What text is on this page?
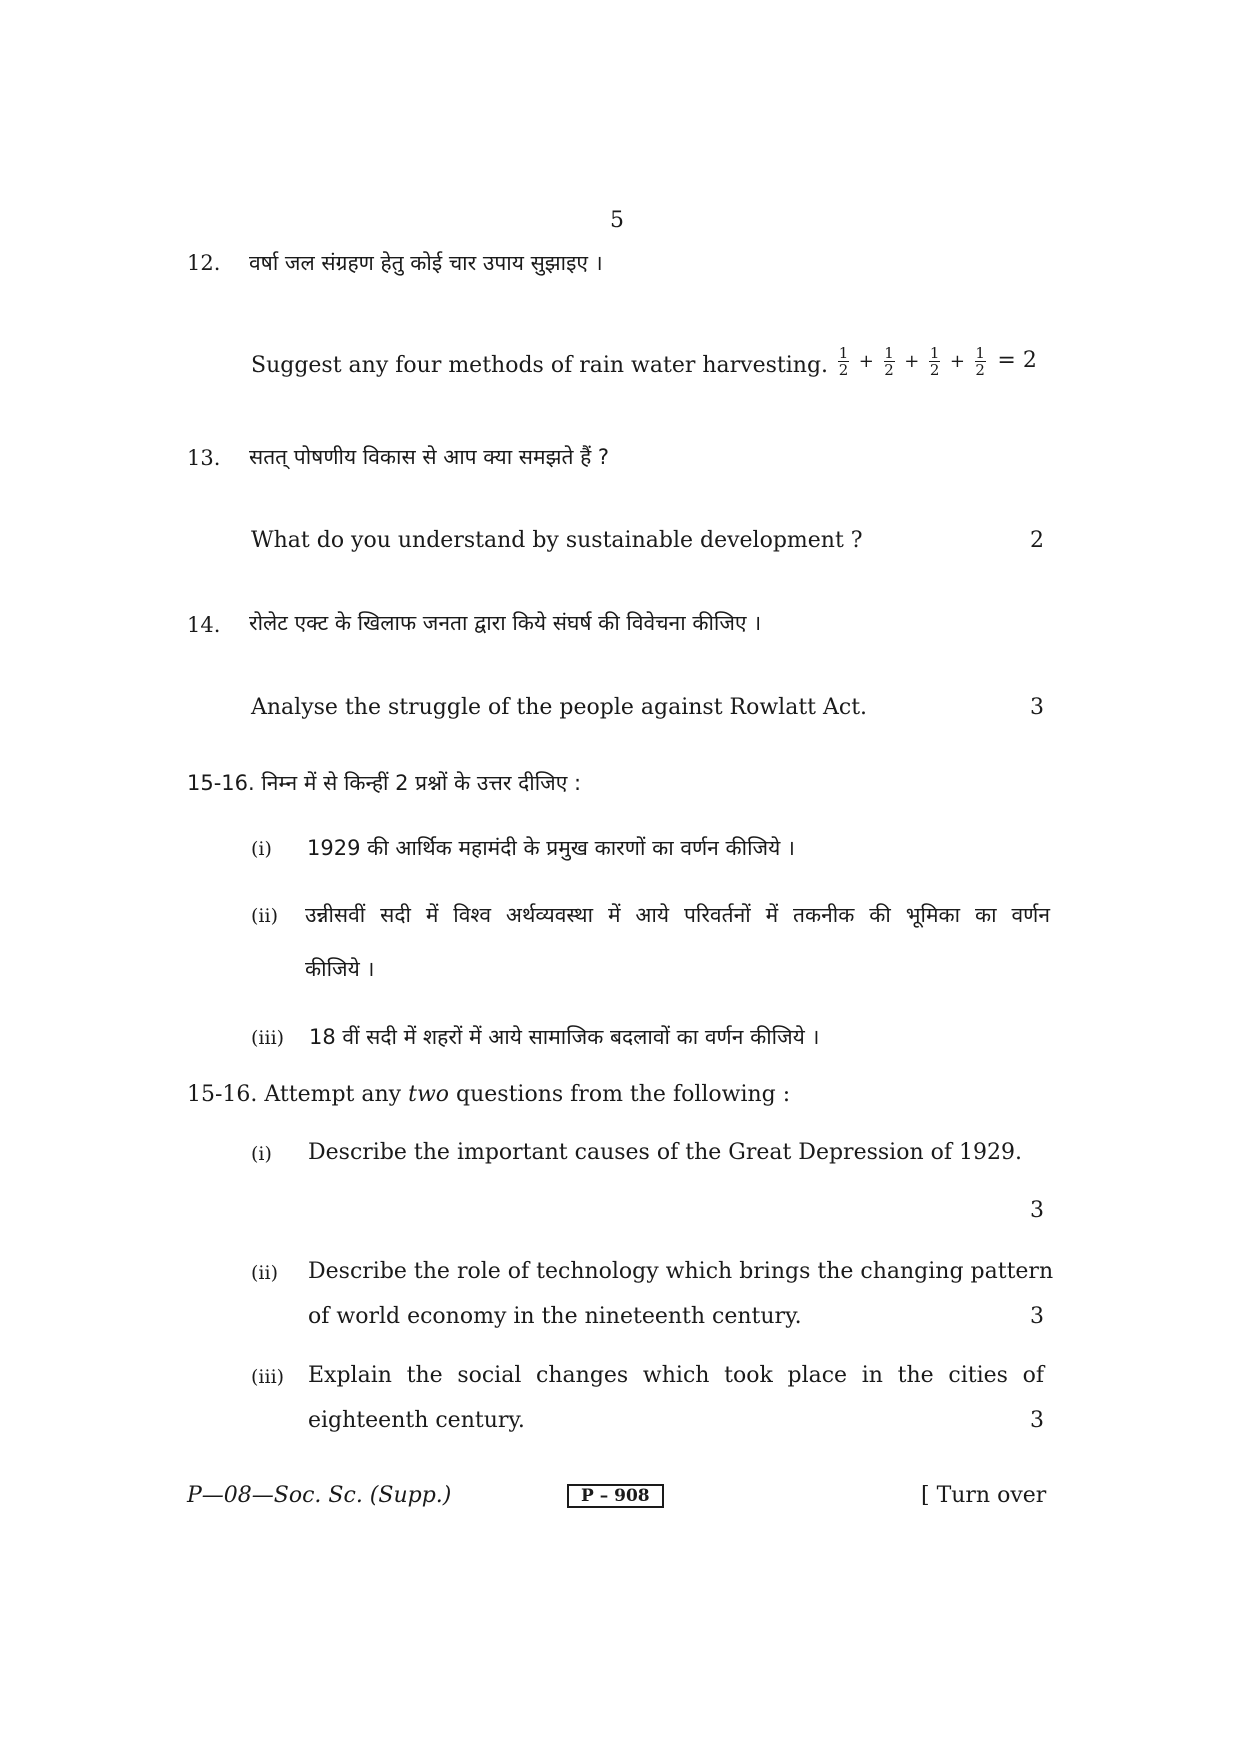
5
12. वर्षा जल संग्रहण हेतु कोई चार उपाय सुझाइए ।
Suggest any four methods of rain water harvesting. $\frac{1}{2} + \frac{1}{2} + \frac{1}{2} + \frac{1}{2} = 2$
13. सतत् पोषणीय विकास से आप क्या समझते हैं ?
What do you understand by sustainable development ?	2
14. रोलेट एक्ट के खिलाफ जनता द्वारा किये संघर्ष की विवेचना कीजिए ।
Analyse the struggle of the people against Rowlatt Act.	3
15-16. निम्न में से किन्हीं 2 प्रश्नों के उत्तर दीजिए :
(i) 1929 की आर्थिक महामंदी के प्रमुख कारणों का वर्णन कीजिये ।
(ii) उन्नीसवीं सदी में विश्व अर्थव्यवस्था में आये परिवर्तनों में तकनीक की भूमिका का वर्णन
कीजिये ।
(iii) 18 वीं सदी में शहरों में आये सामाजिक बदलावों का वर्णन कीजिये ।
15-16. Attempt any two questions from the following :
(i) Describe the important causes of the Great Depression of 1929.
3
(ii) Describe the role of technology which brings the changing pattern
of world economy in the nineteenth century.	3
(iii) Explain the social changes which took place in the cities of
eighteenth century.	3
P—08—Soc. Sc. (Supp.)	P – 908	[ Turn over
